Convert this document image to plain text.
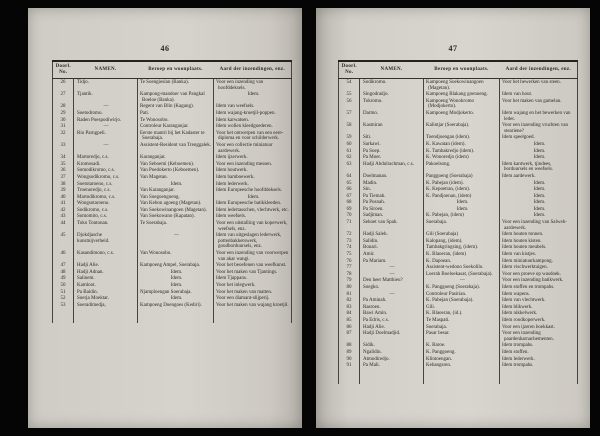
46
Doorl. No.	NAMEN.	Beroep en woonplaats.	Aard der inzendingen, enz.
26	Tidjo.	Te Soengieslan (Banka).	Voor een inzending van hoofddeksels.
27	Tjantik.	Kampong-mandoer van Pangkal Boeloe (Banka).	Idem.
28	—	Regent van Blin (Kagang).	Idem van weefsels.
29	Soetodromo.	Pati.	Idem wajang-kroetjil-poppen.
30	Raden Poespodiwirjo.	Te Wonosobo.	Idem karwatsen.
31	—	Controleur Karanganjar.	Idem wollen kleedgoederen.
32	Rio Parngpeli.	Eerste mantri bij het Kadaster te Soerabaja.	Voor het ontwerpen van een eere-diploma en voor schilderwerk.
33	—	Assistent-Resident van Trenggalek.	Voor een collectie miniatuur aardewerk.
34	Martoredjo, c.s.	Karanganjar.	Idem ijzerwerk.
35	Kromosadi.	Van Seboemi (Keboemen).	Voor een inzending messen.
36	Somodikromo, c.s.	Van Poedokerto (Keboemen).	Idem houtwerk.
37	Wongsodikromo, c.s.	Van Magetan.	Idem bamboewerk.
38	Soetotaroeno, c.s.	Idem.	Idem lederwerk.
39	Troenoredjo, c.s.	Van Karanganjar.	Idem Europeesche hoofddeksels.
40	Martodikromo, c.s.	Van Soegoengoeng.	Idem.
41	Wongsotaroeno.	Van Kebon agoeng (Magetan).	Idem Europeesche batikkleeden.
42	Sodikromo, c.s.	Van Soekowinangoen (Magetan).	Idem ledertasschen, vlechtwerk, etc.
43	Somomito, c.s.	Van Soekowano (Kapatan).	Idem weefsels.
44	Toko Tontonan.	Te Soerabaja.	Voor een uitstalling van koperwerk, weefsels, enz.
45	Djokdjasche kunstnijverheid.	—	Idem van uitgeslagen lederwerk, pottenbakkerswerk, goudborduursels, enz.
46	Kasandimono, c.s.	Van Wonosobo.	Voor een inzending van voorwerpen van akar wangi.
47	Hadji Alie.	Kampoeng Ampel, Soerabaja.	Voor het beoefenen van weefkunst.
48	Hadji Adnan.	Idem.	Voor het maken van Tjantings.
49	Salinem.	Idem.	Idem Tjappans.
50	Kamloot.	Idem.	Voor het inlegwerk.
51	Pa Baidin.	Njamploengan Soerabaja.	Voor het maken van matten.
52	Soerja Moektar.	Idem.	Voor een diamant-slijperij.
53	Soeradimedja,	Kampoeng Doengoes (Kediri).	Voor het maken van wajang kroetjil.

47
Doorl. No.	NAMEN.	Beroep en woonplaats.	Aard der inzendingen, enz.
54	Sodikromo.	Kampoeng Soekowinangoen (Magetan).	Voor het bewerken van steen.
55	Singodradjo.	Kampoeng Blakang goenoeng.	Idem van hout.
56	Tokromo.	Kampoeng Wonokromo (Modjokerto).	Voor het maken van gamelan.
57	Darmo.	Kampoeng Modjokerto.	Idem wajang en het bewerken van leder.
58	Kasmiran	Kalintjar (Soerabaja).	Voor een inzending vruchten van steariene?
59	Siti.	Toendjoengan (idem).	Idem speelgoed.
60	Sarkawi.	K. Kawatan (idem).	Idem.
61	Pa Soep.	K. Tambakredjo (idem).	Idem.
62	Pa Moer.	K. Wonoredjo (idem)	Idem.
63	Hadji Abdulrachman, c.s.	Pakoelsong.	Idem kantwerk, tjindees, borduursels en weefsels.
64	Doelmanan.	Panggoeng (Soerabaja)	Idem aardewerk.
65	Madin.	K. Pabejan (idem).	Idem.
66	Sin.	K. Kepoetran, (idem).	Idem.
67	Pa Tiemah.	K. Pandjoenan, (idem)	Idem.
68	Pa Posnah.	Idem.	Idem.
69	Pa Siroen.	Idem.	Idem.
70	Sadjiman.	K. Pabejan, (idem)	Idem.
71	Sehoet van Spah.	Soerabaja.	Voor een inzending van Salweh-aardewerk.
72	Hadji Saleh.	Gili (Soerabaja)	Idem houten tonnen.
73	Salidin.	Kalopang, (idem).	Idem houten kisten.
74	Bonari.	Tambakgringsing, (idem).	Idem houten meubels.
75	Amir.	K. Blaoeran, (idem)	Idem van kistjes.
76	Pa Mariam.	K. Dapoean.	Idem miniatuurkampong.
77	—	Assistent-wedono Soekolilo.	Idem vischwerktuigen.
78	—	Loerah Boeloekasat, (Soerabaja).	Voor een proeve op wasdoek.
79	Den heer Matthieu?	—	Voor een inzending batikwerk.
80	Soegko.	K. Panggoeng (Soerabaja).	Idem stoffen en trompahs.
81	—	Controleur Pasirian.	Idem wapens.
82	Pa Aminah.	K. Pabejan (Soerabaja).	Idem van vlechtwerk.
83	Rasroen.	Gili.	Idem blikwerk.
84	Bawi Amin.	K. Blaoeran, (id.).	Idem nikkelwerk.
85	Pa Edris, c.s.	Te Maspati.	Idem roodkoperwerk.
86	Hadji Alie.	Soerabaja.	Voor een ijzeren boekkast.
87	Hadji Doelmadjid.	Pasar besar.	Voor een inzending paardenharnachementen.
88	Sidik.	K. Baroe.	Idem trompahs.
89	Ngalidin.	K. Panggoeng.	Idem stoffen.
90	Atmodiredjo.	Klintoengan.	Idem lederwerk.
91	Pa Mali.	Kebangsren.	Idem trompahs.
